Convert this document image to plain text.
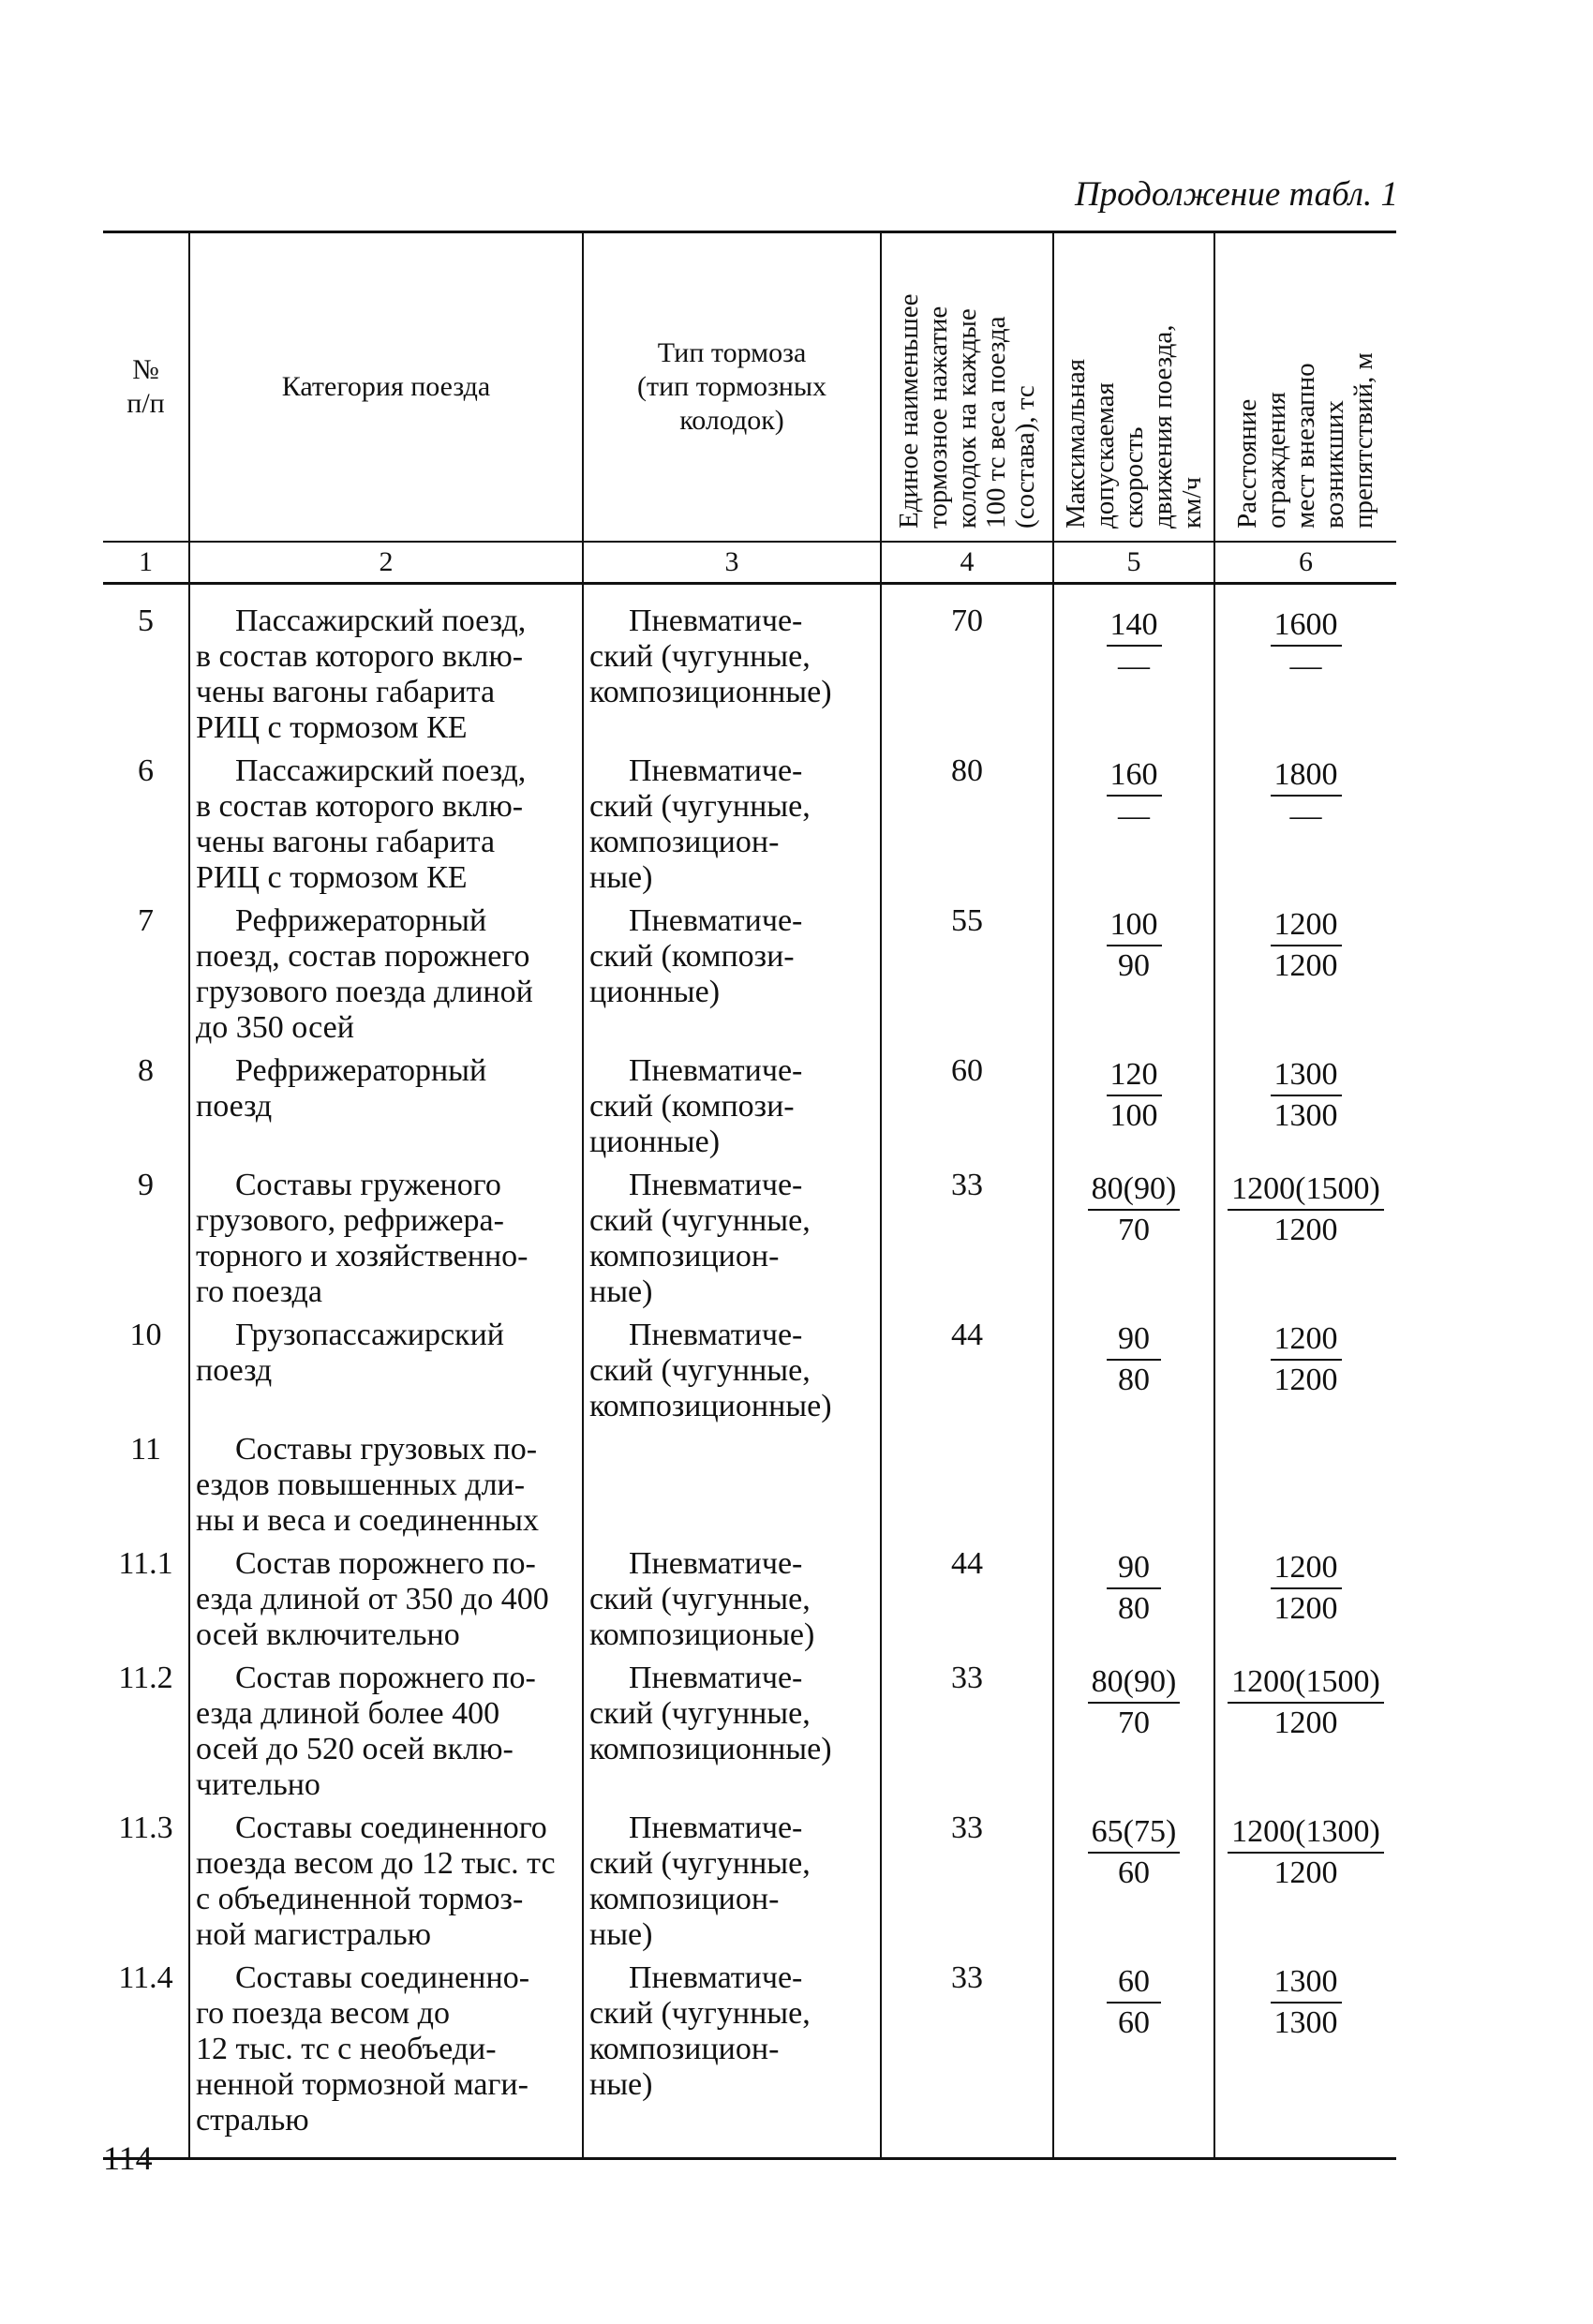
Продолжение табл. 1
№
п/п	Категория поезда	Тип тормоза
(тип тормозных
колодок)	Единое наименьшее тормозное нажатие колодок на каждые 100 тс веса поезда (состава), тс	Максимальная допускаемая скорость движения поезда, км/ч	Расстояние ограждения мест внезапно возникших препятствий, м

1	2	3	4	5	6
5	Пассажирский поезд,
в состав которого вклю-
чены вагоны габарита
РИЦ с тормозом КЕ	Пневматиче-
ский (чугунные,
композиционные)	70	$\frac{140}{—}$	$\frac{1600}{—}$

6	Пассажирский поезд,
в состав которого вклю-
чены вагоны габарита
РИЦ с тормозом КЕ	Пневматиче-
ский (чугунные,
композицион-
ные)	80	$\frac{160}{—}$	$\frac{1800}{—}$

7	Рефрижераторный
поезд, состав порожнего
грузового поезда длиной
до 350 осей	Пневматиче-
ский (компози-
ционные)	55	$\frac{100}{90}$	$\frac{1200}{1200}$

8	Рефрижераторный
поезд	Пневматиче-
ский (компози-
ционные)	60	$\frac{120}{100}$	$\frac{1300}{1300}$

9	Составы груженого
грузового, рефрижера-
торного и хозяйственно-
го поезда	Пневматиче-
ский (чугунные,
композицион-
ные)	33	$\frac{80(90)}{70}$	$\frac{1200(1500)}{1200}$

10	Грузопассажирский
поезд	Пневматиче-
ский (чугунные,
композиционные)	44	$\frac{90}{80}$	$\frac{1200}{1200}$

11	Составы грузовых по-
ездов повышенных дли-
ны и веса и соединенных				

11.1	Состав порожнего по-
езда длиной от 350 до 400
осей включительно	Пневматиче-
ский (чугунные,
композиционые)	44	$\frac{90}{80}$	$\frac{1200}{1200}$

11.2	Состав порожнего по-
езда длиной более 400
осей до 520 осей вклю-
чительно	Пневматиче-
ский (чугунные,
композиционные)	33	$\frac{80(90)}{70}$	$\frac{1200(1500)}{1200}$

11.3	Составы соединенного
поезда весом до 12 тыс. тс
с объединенной тормоз-
ной магистралью	Пневматиче-
ский (чугунные,
композицион-
ные)	33	$\frac{65(75)}{60}$	$\frac{1200(1300)}{1200}$

11.4	Составы соединенно-
го поезда весом до
12 тыс. тс с необъеди-
ненной тормозной маги-
стралью	Пневматиче-
ский (чугунные,
композицион-
ные)	33	$\frac{60}{60}$	$\frac{1300}{1300}$
114
